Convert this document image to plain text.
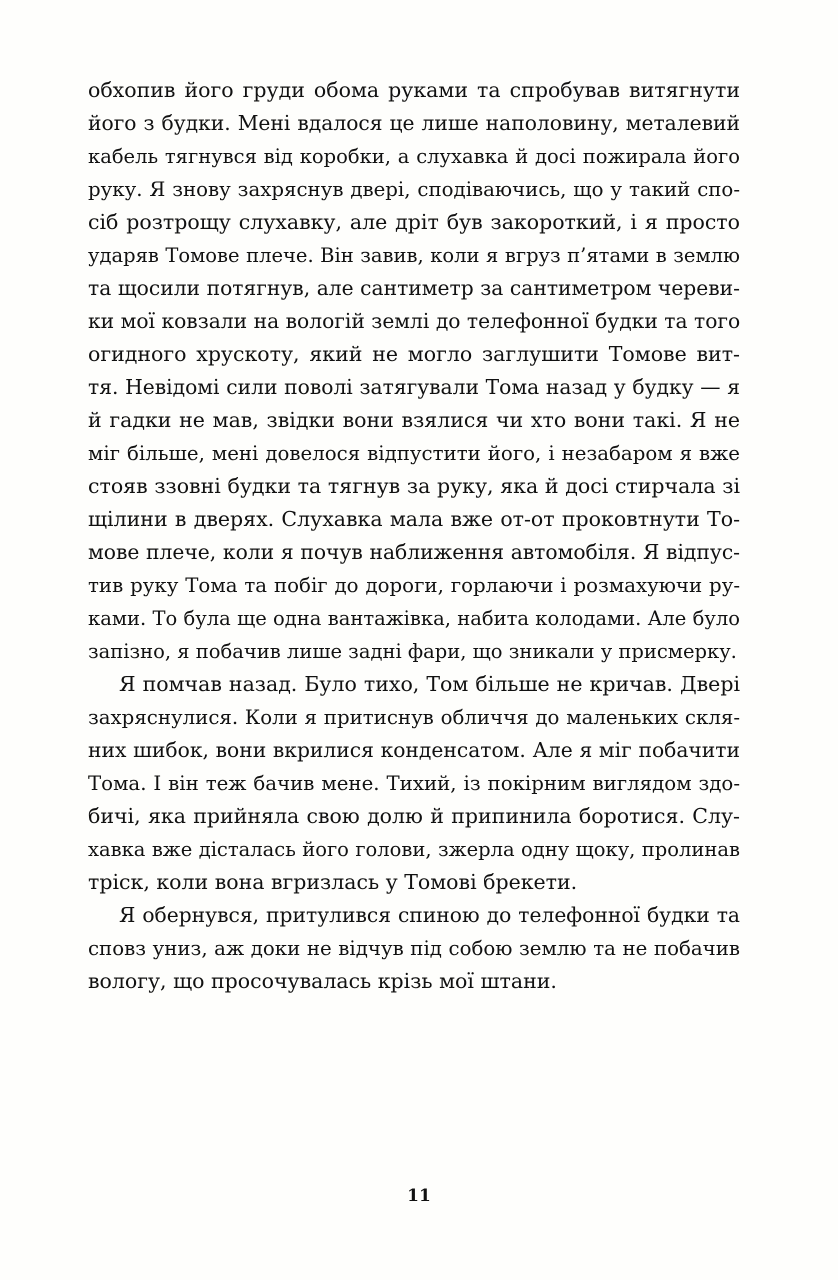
обхопив його груди обома руками та спробував витягнути
його з будки. Мені вдалося це лише наполовину, металевий
кабель тягнувся від коробки, а слухавка й досі пожирала його
руку. Я знову захряснув двері, сподіваючись, що у такий спо-
сіб розтрощу слухавку, але дріт був закороткий, і я просто
ударяв Томове плече. Він завив, коли я вгруз п’ятами в землю
та щосили потягнув, але сантиметр за сантиметром череви-
ки мої ковзали на вологій землі до телефонної будки та того
огидного хрускоту, який не могло заглушити Томове вит-
тя. Невідомі сили поволі затягували Тома назад у будку — я
й гадки не мав, звідки вони взялися чи хто вони такі. Я не
міг більше, мені довелося відпустити його, і незабаром я вже
стояв ззовні будки та тягнув за руку, яка й досі стирчала зі
щілини в дверях. Слухавка мала вже от-от проковтнути То-
мове плече, коли я почув наближення автомобіля. Я відпус-
тив руку Тома та побіг до дороги, горлаючи і розмахуючи ру-
ками. То була ще одна вантажівка, набита колодами. Але було
запізно, я побачив лише задні фари, що зникали у присмерку.
Я помчав назад. Було тихо, Том більше не кричав. Двері
захряснулися. Коли я притиснув обличчя до маленьких скля-
них шибок, вони вкрилися конденсатом. Але я міг побачити
Тома. І він теж бачив мене. Тихий, із покірним виглядом здо-
бичі, яка прийняла свою долю й припинила боротися. Слу-
хавка вже дісталась його голови, зжерла одну щоку, пролинав
тріск, коли вона вгризлась у Томові брекети.
Я обернувся, притулився спиною до телефонної будки та
сповз униз, аж доки не відчув під собою землю та не побачив
вологу, що просочувалась крізь мої штани.
11
